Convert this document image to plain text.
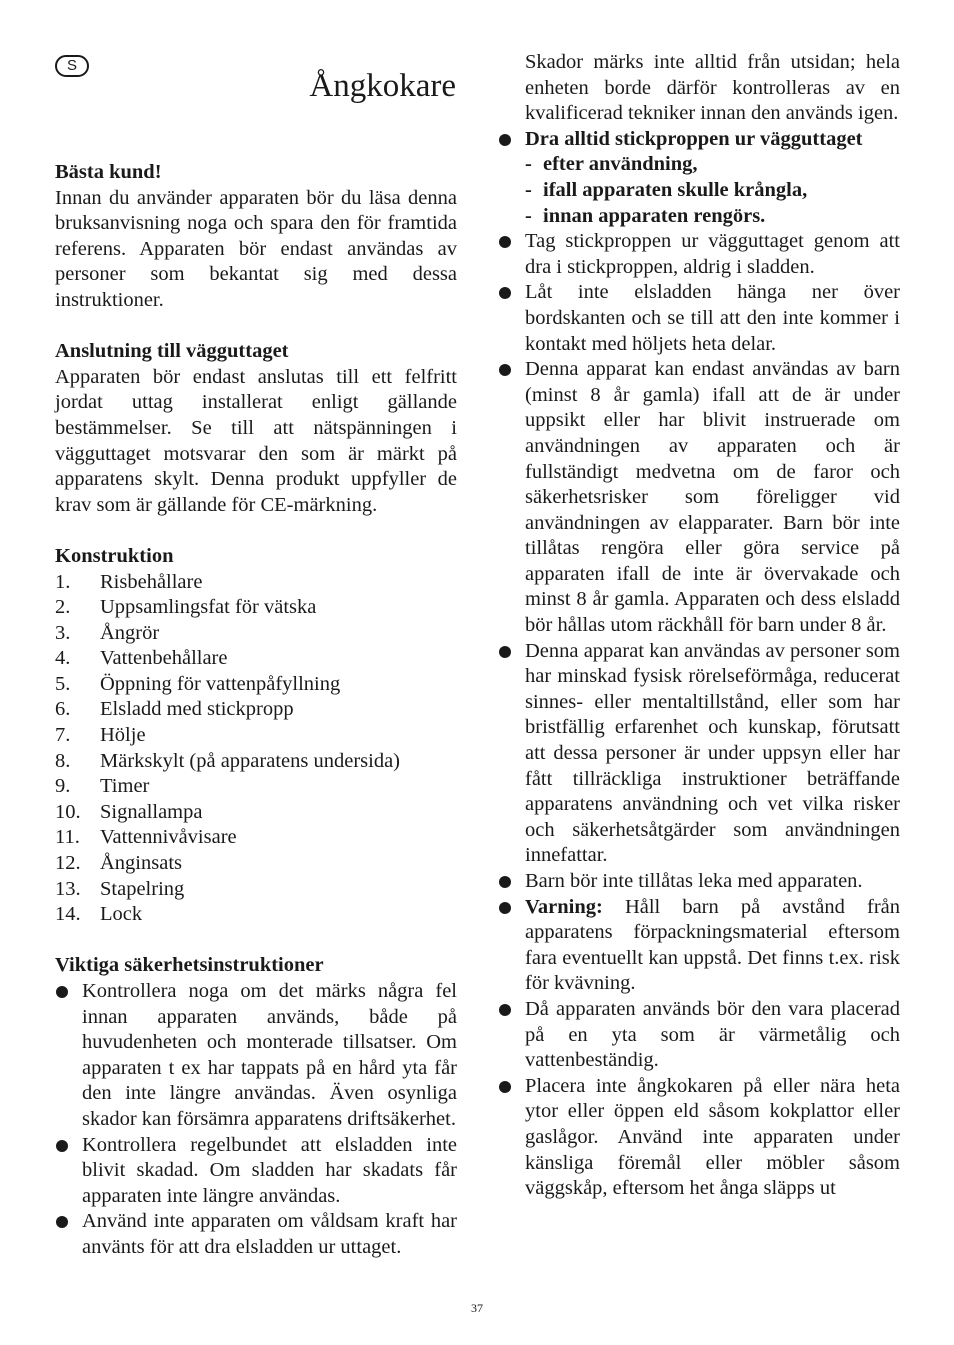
S
Ångkokare

Bästa kund!

Innan du använder apparaten bör du läsa denna bruksanvisning noga och spara den för framtida referens. Apparaten bör endast användas av personer som bekantat sig med dessa instruktioner.

Anslutning till vägguttaget

Apparaten bör endast anslutas till ett felfritt jordat uttag installerat enligt gällande bestämmelser. Se till att nätspänningen i vägguttaget motsvarar den som är märkt på apparatens skylt. Denna produkt uppfyller de krav som är gällande för CE-märkning.

Konstruktion

1.	Risbehållare
2.	Uppsamlingsfat för vätska
3.	Ångrör
4.	Vattenbehållare
5.	Öppning för vattenpåfyllning
6.	Elsladd med stickpropp
7.	Hölje
8.	Märkskylt (på apparatens undersida)
9.	Timer
10. Signallampa
11. Vattennivåvisare
12. Ånginsats
13. Stapelring
14. Lock

Viktiga säkerhetsinstruktioner

Kontrollera noga om det märks några fel innan apparaten används, både på huvudenheten och monterade tillsatser. Om apparaten t ex har tappats på en hård yta får den inte längre användas. Även osynliga skador kan försämra apparatens driftsäkerhet.
Kontrollera regelbundet att elsladden inte blivit skadad. Om sladden har skadats får apparaten inte längre användas.
Använd inte apparaten om våldsam kraft har använts för att dra elsladden ur uttaget.

Skador märks inte alltid från utsidan; hela enheten borde därför kontrolleras av en kvalificerad tekniker innan den används igen.

Dra alltid stickproppen ur vägguttaget
- efter användning,
- ifall apparaten skulle krångla,
- innan apparaten rengörs.
Tag stickproppen ur vägguttaget genom att dra i stickproppen, aldrig i sladden.
Låt inte elsladden hänga ner över bordskanten och se till att den inte kommer i kontakt med höljets heta delar.
Denna apparat kan endast användas av barn (minst 8 år gamla) ifall att de är under uppsikt eller har blivit instruerade om användningen av apparaten och är fullständigt medvetna om de faror och säkerhetsrisker som föreligger vid användningen av elapparater. Barn bör inte tillåtas rengöra eller göra service på apparaten ifall de inte är övervakade och minst 8 år gamla. Apparaten och dess elsladd bör hållas utom räckhåll för barn under 8 år.
Denna apparat kan användas av personer som har minskad fysisk rörelseförmåga, reducerat sinnes- eller mentaltillstånd, eller som har bristfällig erfarenhet och kunskap, förutsatt att dessa personer är under uppsyn eller har fått tillräckliga instruktioner beträffande apparatens användning och vet vilka risker och säkerhetsåtgärder som användningen innefattar.
Barn bör inte tillåtas leka med apparaten.
Varning: Håll barn på avstånd från apparatens förpackningsmaterial eftersom fara eventuellt kan uppstå. Det finns t.ex. risk för kvävning.
Då apparaten används bör den vara placerad på en yta som är värmetålig och vattenbeständig.
Placera inte ångkokaren på eller nära heta ytor eller öppen eld såsom kokplattor eller gaslågor. Använd inte apparaten under känsliga föremål eller möbler såsom väggskåp, eftersom het ånga släpps ut
37
